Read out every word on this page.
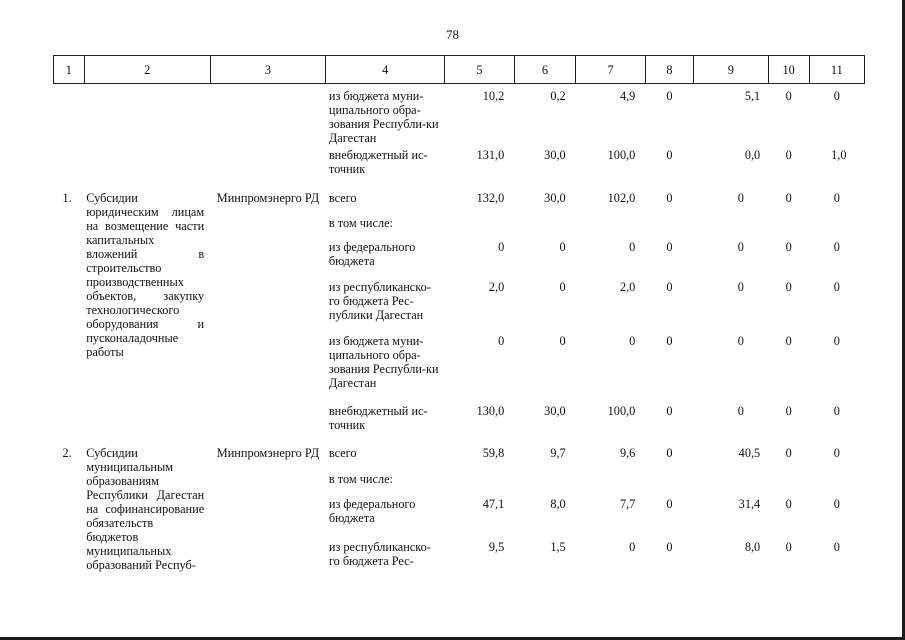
78
1	2	3	4	5	6	7	8	9	10	11
			из бюджета муни-ципального обра-зования Республи-ки Дагестан	10,2	0,2	4,9	0	5,1	0	0
			внебюджетный ис-точник	131,0	30,0	100,0	0	0,0	0	1,0
1.	Субсидии юридическим лицам на возмещение части капитальных вложений в строительство производственных объектов, закупку технологического оборудования и пусконаладочные работы	Минпромэнерго РД	всего	132,0	30,0	102,0	0	0	0	0
			в том числе:							
			из федерального бюджета	0	0	0	0	0	0	0
			из республиканско-го бюджета Рес-публики Дагестан	2,0	0	2,0	0	0	0	0
			из бюджета муни-ципального обра-зования Республи-ки Дагестан	0	0	0	0	0	0	0
			внебюджетный ис-точник	130,0	30,0	100,0	0	0	0	0
2.	Субсидии муниципальным образованиям Республики Дагестан на софинансирование обязательств бюджетов муниципальных образований Респуб-	Минпромэнерго РД	всего	59,8	9,7	9,6	0	40,5	0	0
			в том числе:							
			из федерального бюджета	47,1	8,0	7,7	0	31,4	0	0
			из республиканско-го бюджета Рес-	9,5	1,5	0	0	8,0	0	0
